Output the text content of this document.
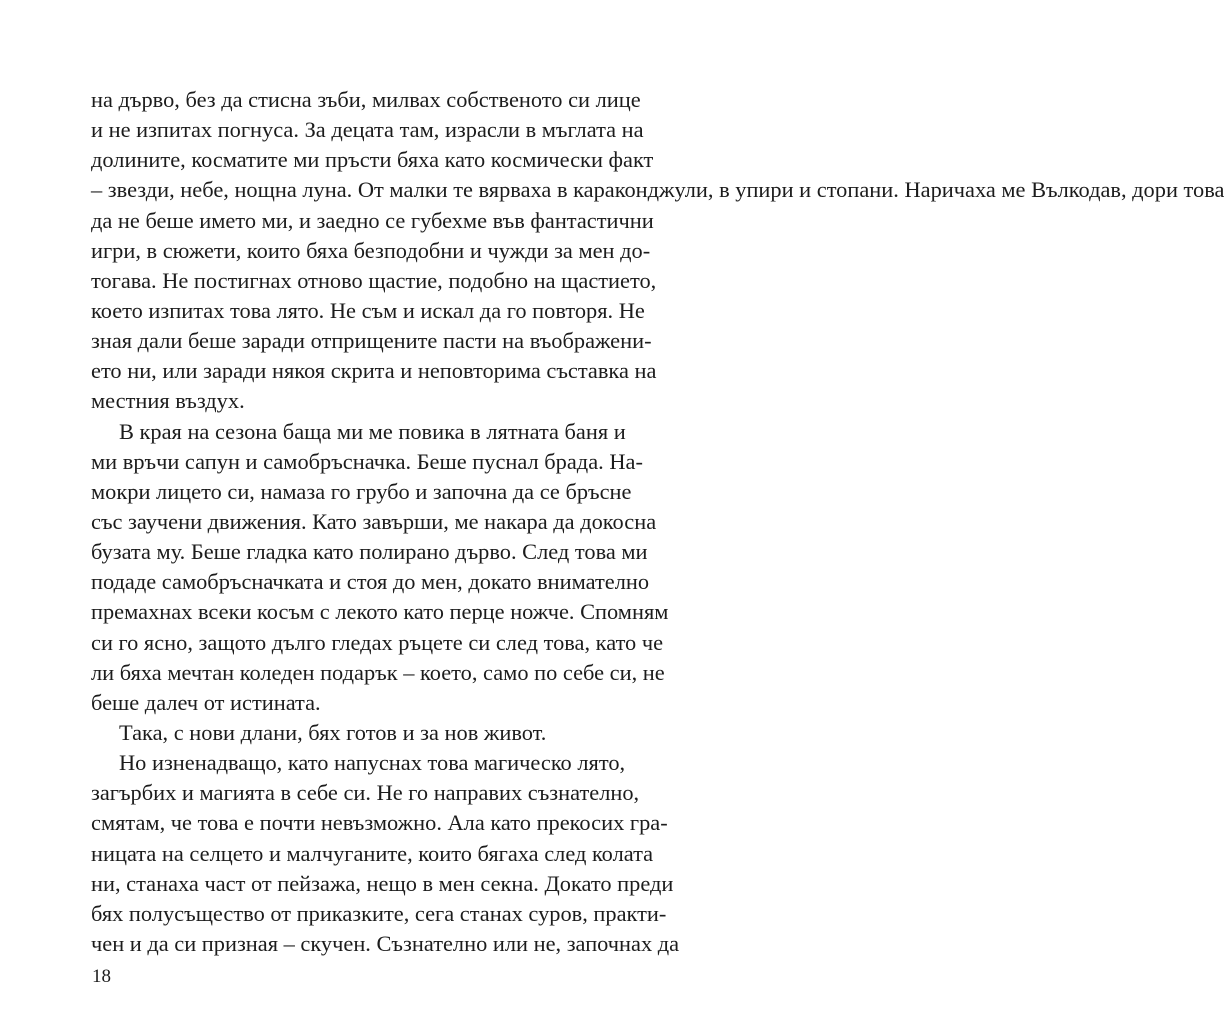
на дърво, без да стисна зъби, милвах собственото си лице
и не изпитах погнуса. За децата там, израсли в мъглата на
долините, косматите ми пръсти бяха като космически факт
– звезди, небе, нощна луна. От малки те вярваха в караконджули, в упири и стопани. Наричаха ме Вълкодав, дори това
да не беше името ми, и заедно се губехме във фантастични
игри, в сюжети, които бяха безподобни и чужди за мен до-
тогава. Не постигнах отново щастие, подобно на щастието,
което изпитах това лято. Не съм и искал да го повторя. Не
зная дали беше заради отприщените пасти на въображени-
ето ни, или заради някоя скрита и неповторима съставка на
местния въздух.
В края на сезона баща ми ме повика в лятната баня и
ми връчи сапун и самобръсначка. Беше пуснал брада. На-
мокри лицето си, намаза го грубо и започна да се бръсне
със заучени движения. Като завърши, ме накара да докосна
бузата му. Беше гладка като полирано дърво. След това ми
подаде самобръсначката и стоя до мен, докато внимателно
премахнах всеки косъм с лекото като перце ножче. Спомням
си го ясно, защото дълго гледах ръцете си след това, като че
ли бяха мечтан коледен подарък – което, само по себе си, не
беше далеч от истината.
Така, с нови длани, бях готов и за нов живот.
Но изненадващо, като напуснах това магическо лято,
загърбих и магията в себе си. Не го направих съзнателно,
смятам, че това е почти невъзможно. Ала като прекосих гра-
ницата на селцето и малчуганите, които бягаха след колата
ни, станаха част от пейзажа, нещо в мен секна. Докато преди
бях полусъщество от приказките, сега станах суров, практи-
чен и да си призная – скучен. Съзнателно или не, започнах да
18
